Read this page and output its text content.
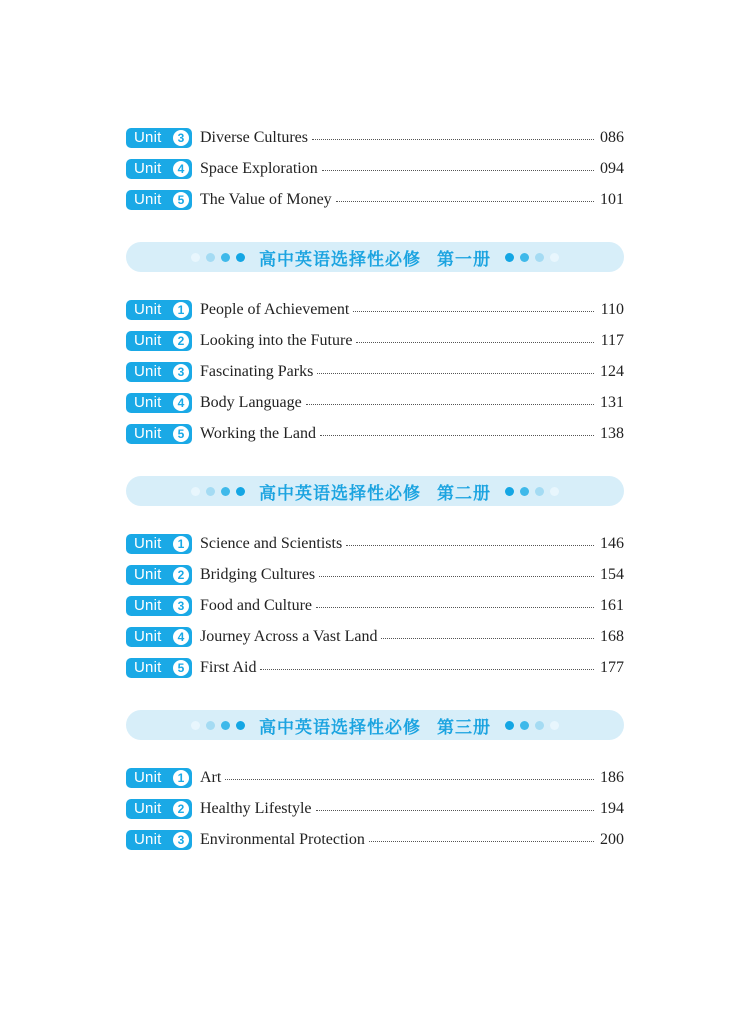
Unit	3 Diverse Cultures	086
Unit	4 Space Exploration	094
Unit	5 The Value of Money	101
高中英语选择性必修 第一册
Unit	1 People of Achievement	110
Unit	2 Looking into the Future	117
Unit	3 Fascinating Parks	124
Unit	4 Body Language	131
Unit	5 Working the Land	138
高中英语选择性必修 第二册
Unit	1 Science and Scientists	146
Unit	2 Bridging Cultures	154
Unit	3 Food and Culture	161
Unit	4 Journey Across a Vast Land	168
Unit	5 First Aid	177
高中英语选择性必修 第三册
Unit	1 Art	186
Unit	2 Healthy Lifestyle	194
Unit	3 Environmental Protection	200
